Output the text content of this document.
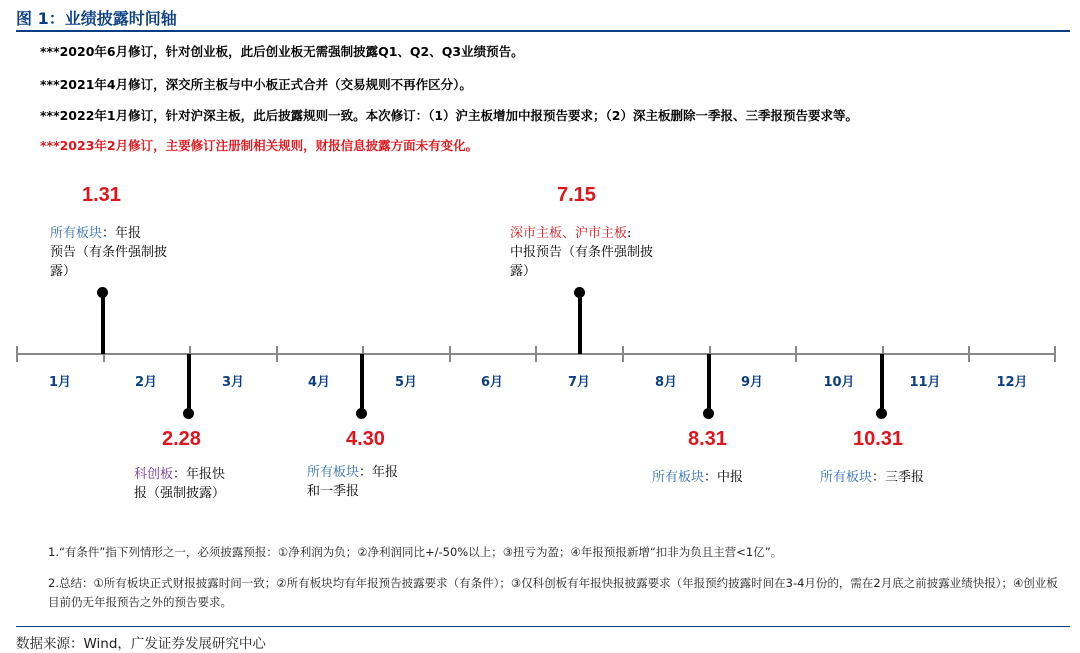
图 1：业绩披露时间轴
***2020年6月修订，针对创业板，此后创业板无需强制披露Q1、Q2、Q3业绩预告。
***2021年4月修订，深交所主板与中小板正式合并（交易规则不再作区分）。
***2022年1月修订，针对沪深主板，此后披露规则一致。本次修订：（1）沪主板增加中报预告要求；（2）深主板删除一季报、三季报预告要求等。
***2023年2月修订，主要修订注册制相关规则，财报信息披露方面未有变化。
1月	2月	3月	4月	5月	6月	7月	8月	9月	10月	11月	12月
1.31
所有板块：年报
预告（有条件强制披露）
7.15
深市主板、沪市主板:
中报预告（有条件强制披露）
2.28
科创板：年报快
报（强制披露）
4.30
所有板块：年报
和一季报
8.31
所有板块：中报
10.31
所有板块：三季报
1.“有条件”指下列情形之一，必须披露预报：①净利润为负；②净利润同比+/-50%以上；③扭亏为盈；④年报预报新增“扣非为负且主营<1亿”。
2.总结：①所有板块正式财报披露时间一致；②所有板块均有年报预告披露要求（有条件）；③仅科创板有年报快报披露要求（年报预约披露时间在3-4月份的，需在2月底之前披露业绩快报）；④创业板目前仍无年报预告之外的预告要求。
数据来源：Wind，广发证券发展研究中心
